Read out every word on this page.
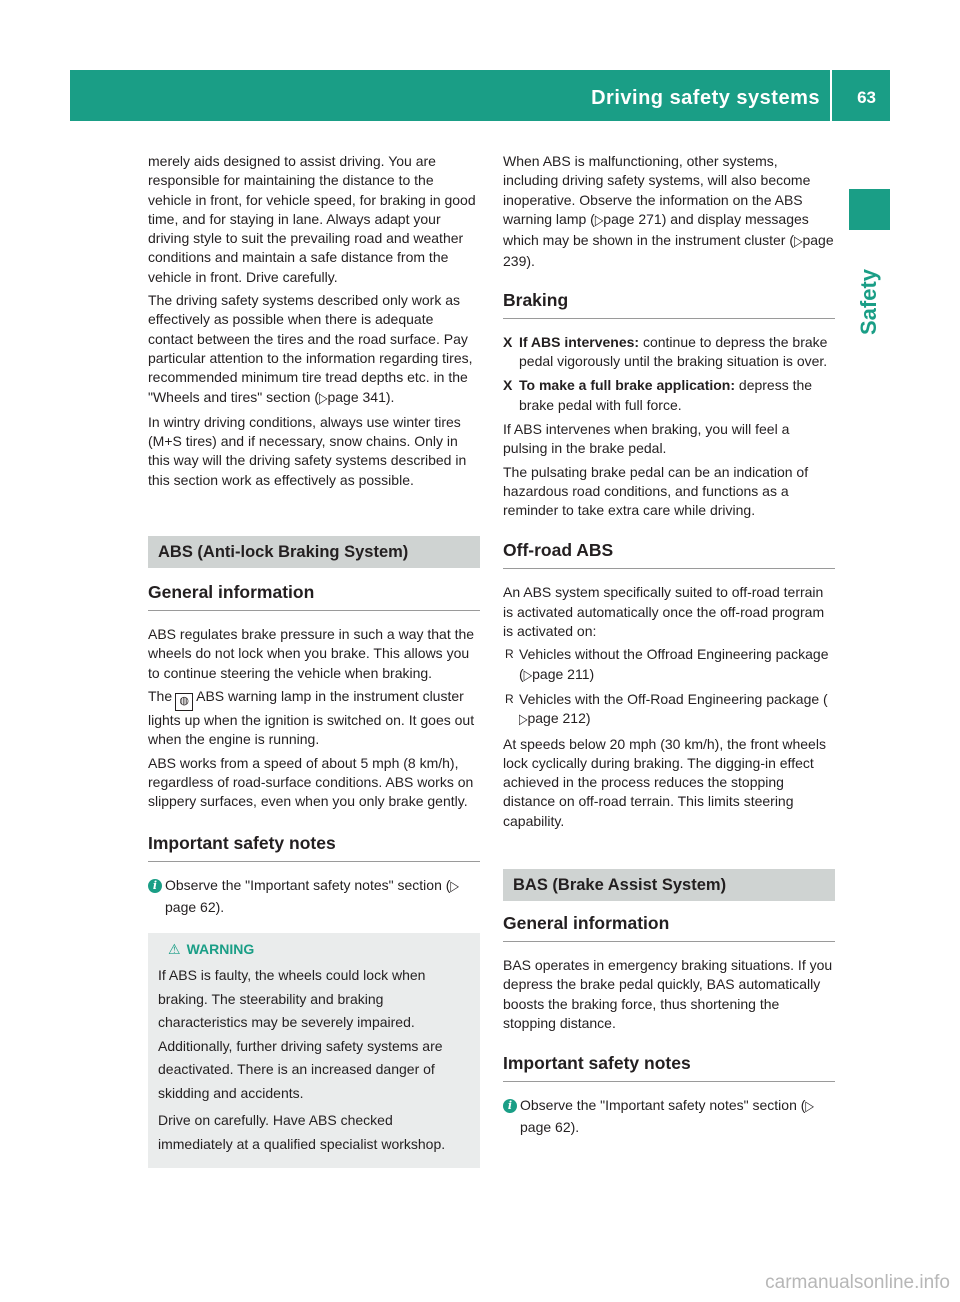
Driving safety systems 63
Safety

merely aids designed to assist driving. You are responsible for maintaining the distance to the vehicle in front, for vehicle speed, for braking in good time, and for staying in lane. Always adapt your driving style to suit the prevailing road and weather conditions and maintain a safe distance from the vehicle in front. Drive carefully.

The driving safety systems described only work as effectively as possible when there is adequate contact between the tires and the road surface. Pay particular attention to the information regarding tires, recommended minimum tire tread depths etc. in the "Wheels and tires" section (▷page 341).

In wintry driving conditions, always use winter tires (M+S tires) and if necessary, snow chains. Only in this way will the driving safety systems described in this section work as effectively as possible.

ABS (Anti-lock Braking System)
General information

ABS regulates brake pressure in such a way that the wheels do not lock when you brake. This allows you to continue steering the vehicle when braking.

The ◍ ABS warning lamp in the instrument cluster lights up when the ignition is switched on. It goes out when the engine is running.

ABS works from a speed of about 5 mph (8 km/h), regardless of road-surface conditions. ABS works on slippery surfaces, even when you only brake gently.

Important safety notes
i Observe the "Important safety notes" section (▷page 62).
⚠ WARNING

If ABS is faulty, the wheels could lock when braking. The steerability and braking characteristics may be severely impaired. Additionally, further driving safety systems are deactivated. There is an increased danger of skidding and accidents.

Drive on carefully. Have ABS checked immediately at a qualified specialist workshop.

When ABS is malfunctioning, other systems, including driving safety systems, will also become inoperative. Observe the information on the ABS warning lamp (▷page 271) and display messages which may be shown in the instrument cluster (▷page 239).

Braking
X If ABS intervenes: continue to depress the brake pedal vigorously until the braking situation is over.
X To make a full brake application: depress the brake pedal with full force.

If ABS intervenes when braking, you will feel a pulsing in the brake pedal.

The pulsating brake pedal can be an indication of hazardous road conditions, and functions as a reminder to take extra care while driving.

Off-road ABS

An ABS system specifically suited to off-road terrain is activated automatically once the off-road program is activated on:

R Vehicles without the Offroad Engineering package (▷page 211)
R Vehicles with the Off-Road Engineering package (▷page 212)

At speeds below 20 mph (30 km/h), the front wheels lock cyclically during braking. The digging-in effect achieved in the process reduces the stopping distance on off-road terrain. This limits steering capability.

BAS (Brake Assist System)
General information

BAS operates in emergency braking situations. If you depress the brake pedal quickly, BAS automatically boosts the braking force, thus shortening the stopping distance.

Important safety notes
i Observe the "Important safety notes" section (▷page 62).
carmanualsonline.info
